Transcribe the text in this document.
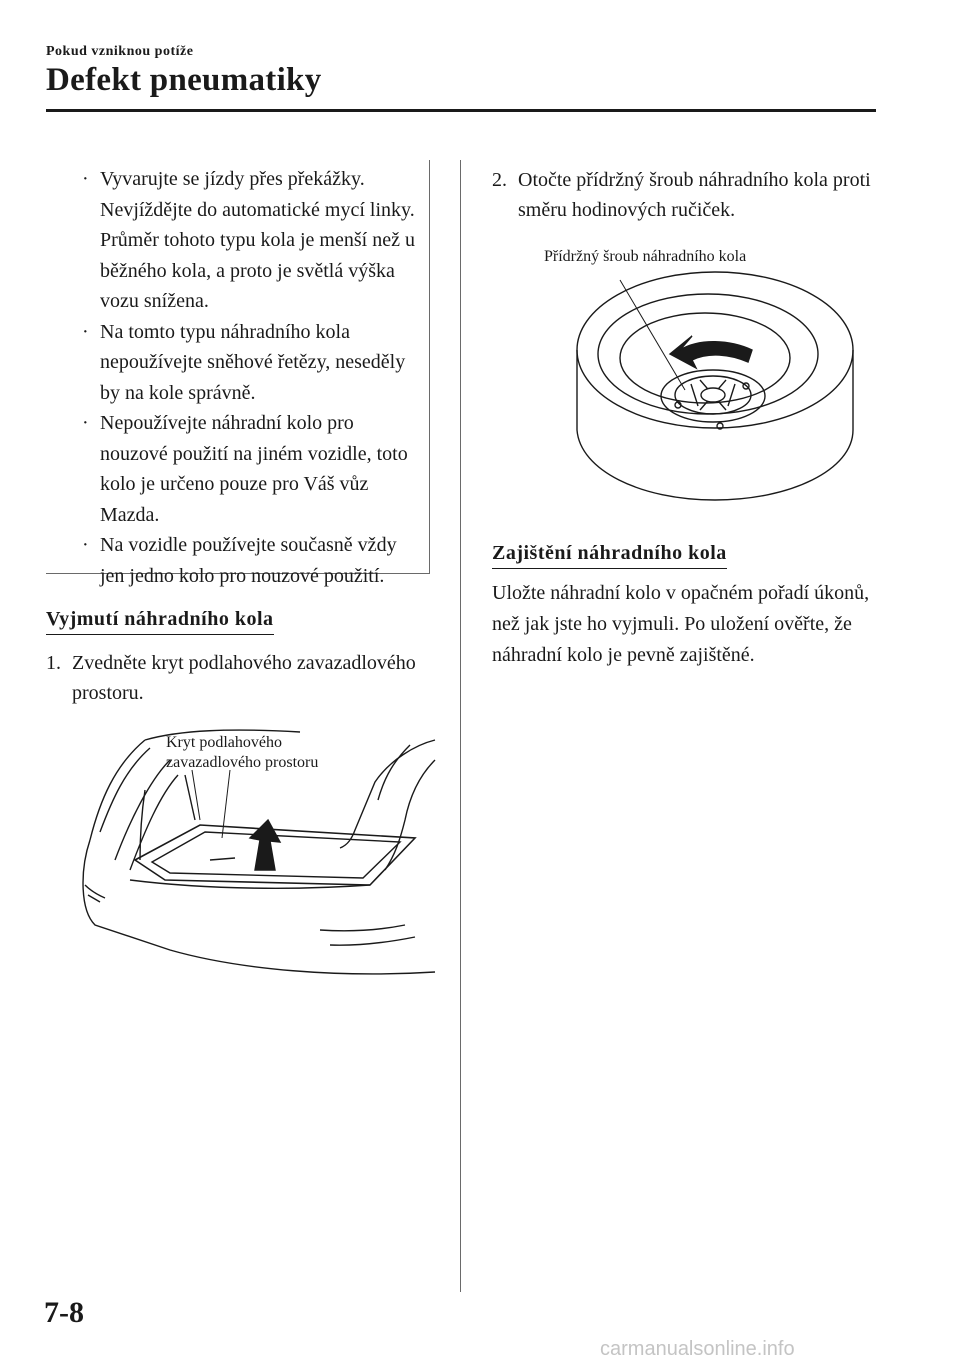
Pokud vzniknou potíže
Defekt pneumatiky
· Vyvarujte se jízdy přes překážky. Nevjíždějte do automatické mycí linky. Průměr tohoto typu kola je menší než u běžného kola, a proto je světlá výška vozu snížena.
· Na tomto typu náhradního kola nepoužívejte sněhové řetězy, neseděly by na kole správně.
· Nepoužívejte náhradní kolo pro nouzové použití na jiném vozidle, toto kolo je určeno pouze pro Váš vůz Mazda.
· Na vozidle používejte současně vždy jen jedno kolo pro nouzové použití.
Vyjmutí náhradního kola
1. Zvedněte kryt podlahového zavazadlového prostoru.
Kryt podlahového
zavazadlového prostoru
2. Otočte přídržný šroub náhradního kola proti směru hodinových ručiček.
Přídržný šroub náhradního kola
Zajištění náhradního kola
Uložte náhradní kolo v opačném pořadí úkonů, než jak jste ho vyjmuli. Po uložení ověřte, že náhradní kolo je pevně zajištěné.
7-8
carmanualsonline.info
